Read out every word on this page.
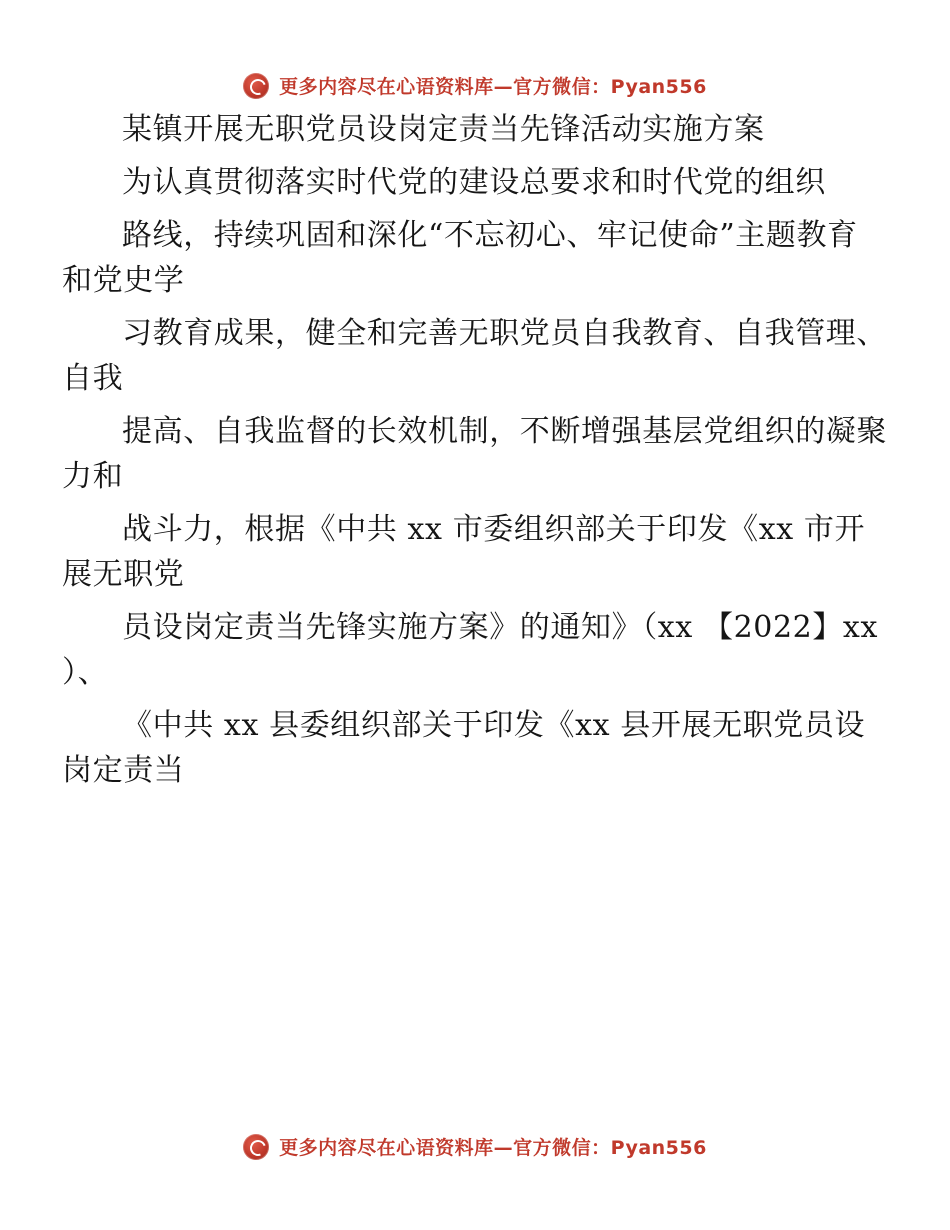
更多内容尽在心语资料库—官方微信：Pyan556

某镇开展无职党员设岗定责当先锋活动实施方案

为认真贯彻落实时代党的建设总要求和时代党的组织

路线，持续巩固和深化“不忘初心、牢记使命”主题教育和党史学

习教育成果，健全和完善无职党员自我教育、自我管理、自我

提高、自我监督的长效机制，不断增强基层党组织的凝聚力和

战斗力，根据《中共 xx 市委组织部关于印发《xx 市开展无职党

员设岗定责当先锋实施方案》的通知》（xx 【2022】xx ）、

《中共 xx 县委组织部关于印发《xx 县开展无职党员设岗定责当

更多内容尽在心语资料库—官方微信：Pyan556
